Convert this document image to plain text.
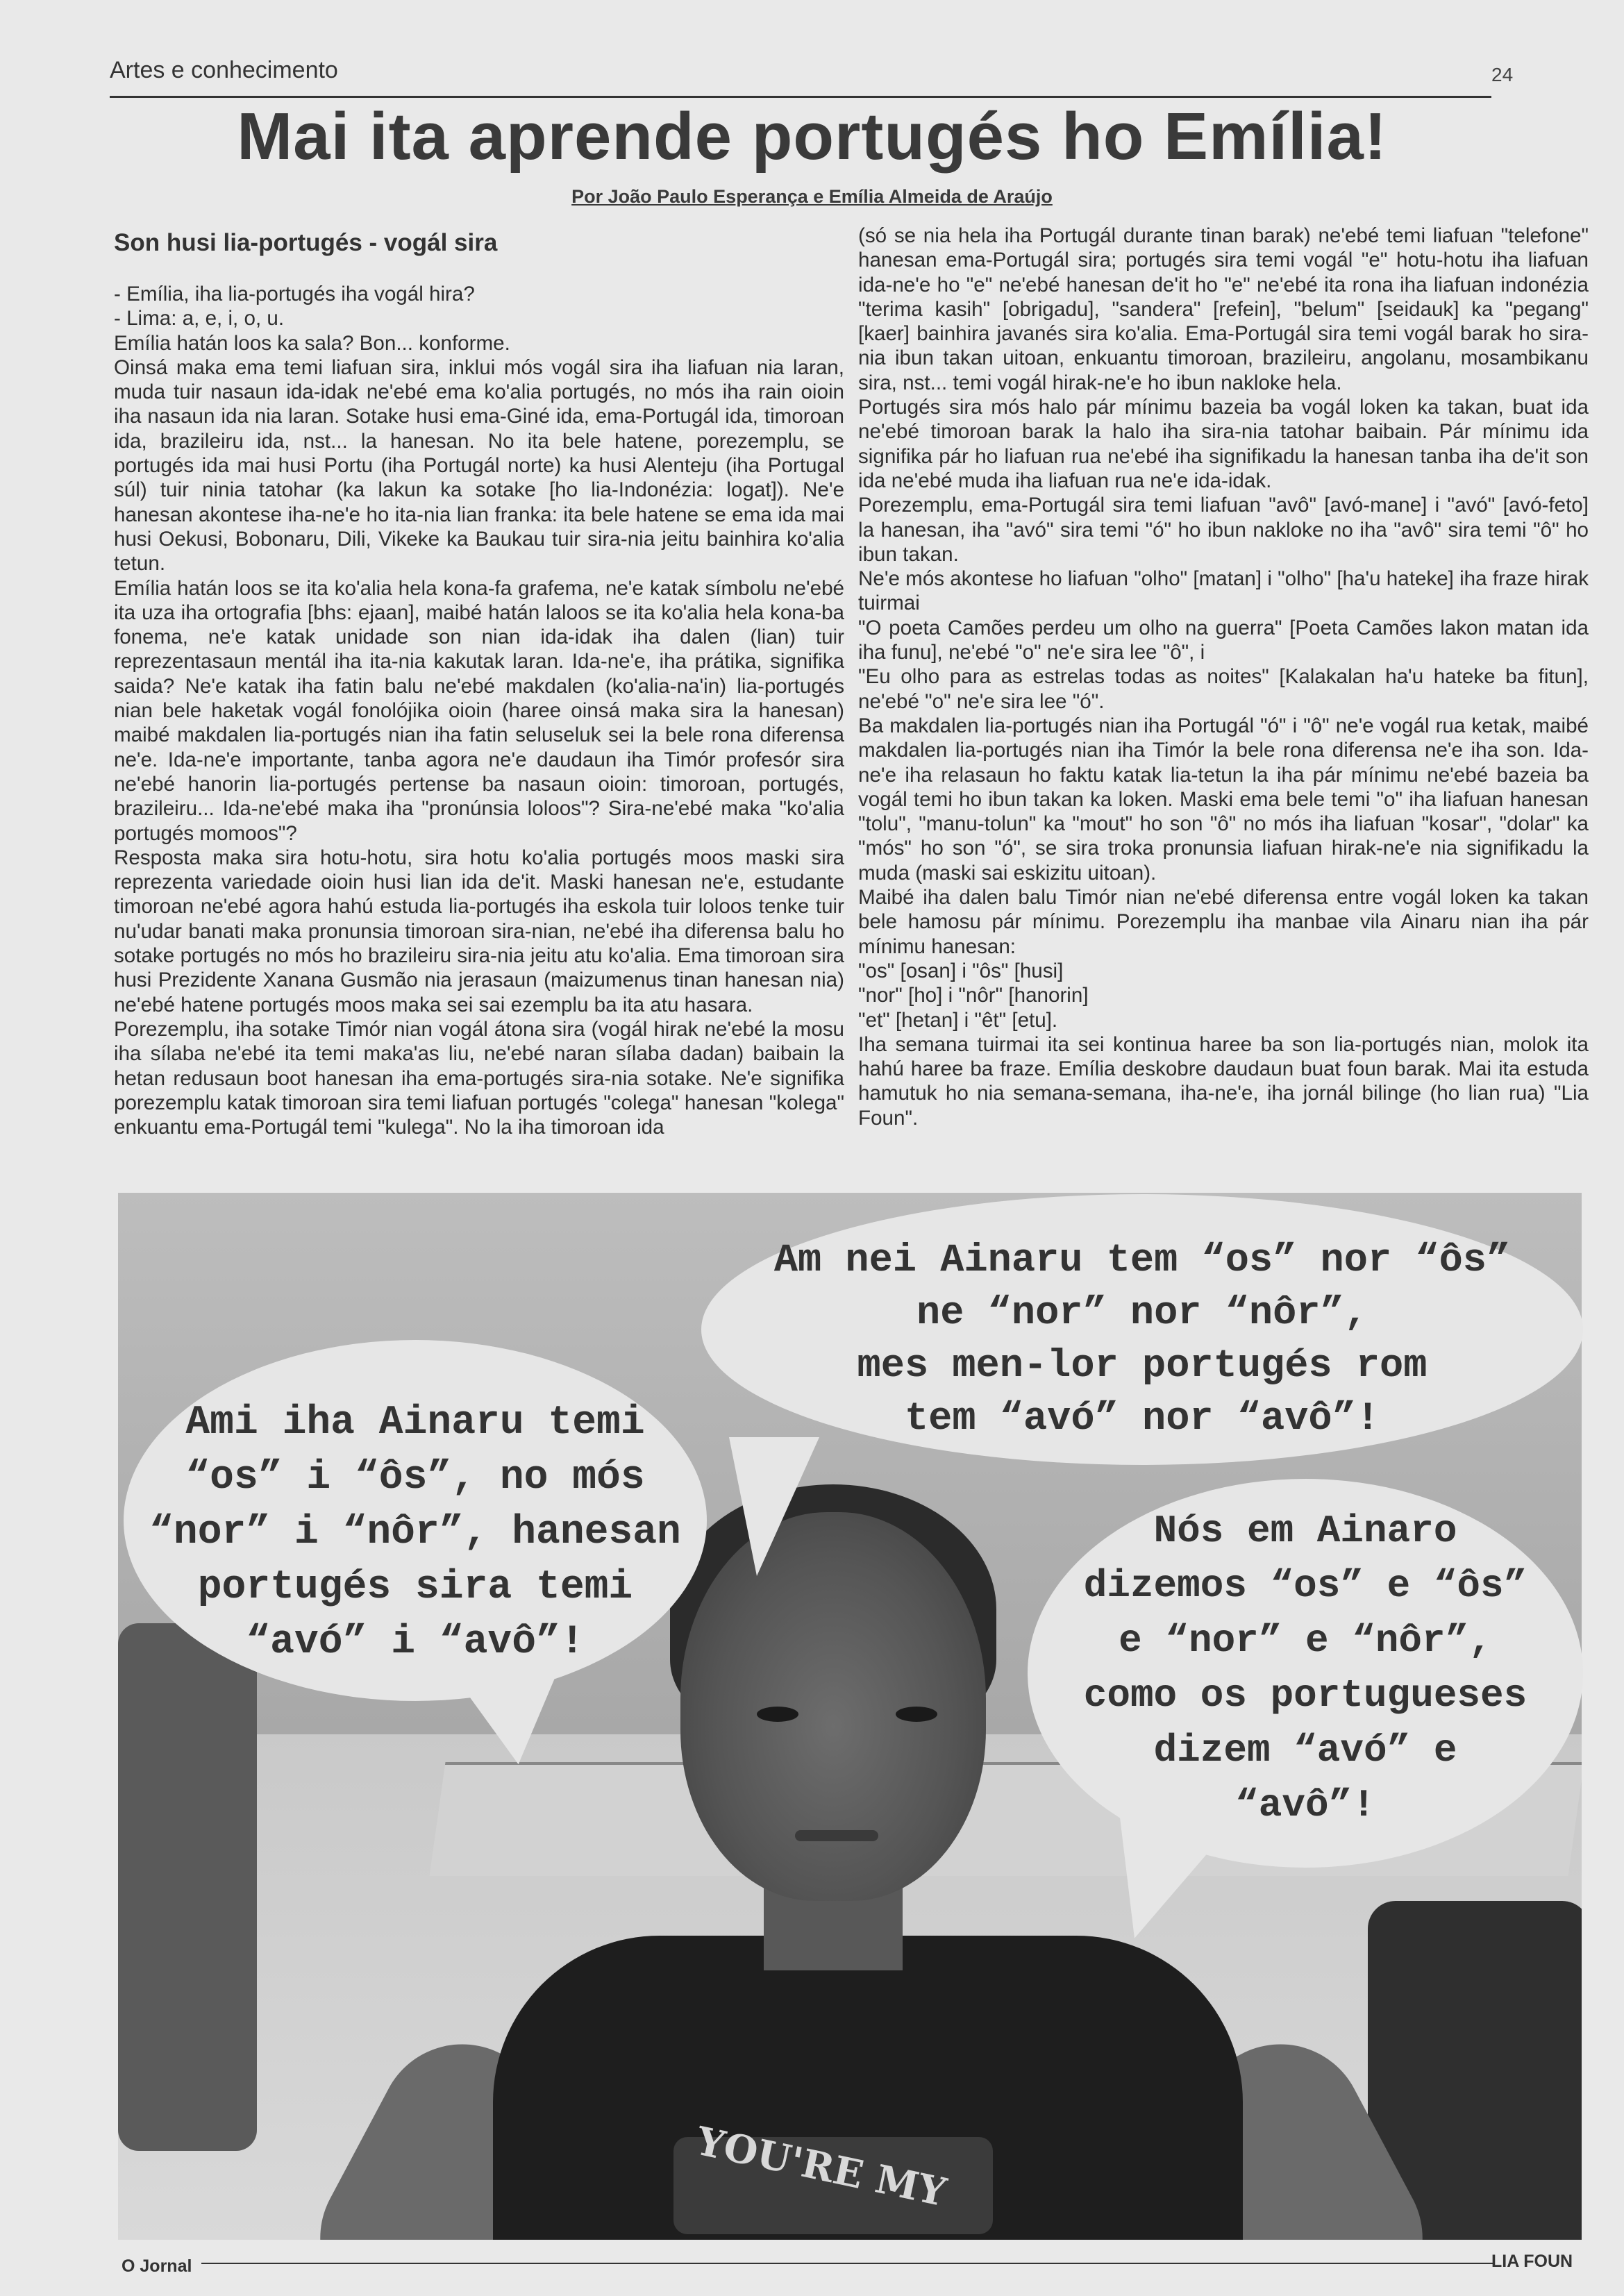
Artes e conhecimento	24
Mai ita aprende portugés ho Emília!
Por João Paulo Esperança e Emília Almeida de Araújo
Son husi lia-portugés - vogál sira

- Emília, iha lia-portugés iha vogál hira?

- Lima: a, e, i, o, u.

Emília hatán loos ka sala? Bon... konforme.

Oinsá maka ema temi liafuan sira, inklui mós vogál sira iha liafuan nia laran, muda tuir nasaun ida-idak ne'ebé ema ko'alia portugés, no mós iha rain oioin iha nasaun ida nia laran. Sotake husi ema-Giné ida, ema-Portugál ida, timoroan ida, brazileiru ida, nst... la hanesan. No ita bele hatene, porezemplu, se portugés ida mai husi Portu (iha Portugál norte) ka husi Alenteju (iha Portugal súl) tuir ninia tatohar (ka lakun ka sotake [ho lia-Indonézia: logat]). Ne'e hanesan akontese iha-ne'e ho ita-nia lian franka: ita bele hatene se ema ida mai husi Oekusi, Bobonaru, Dili, Vikeke ka Baukau tuir sira-nia jeitu bainhira ko'alia tetun.

Emília hatán loos se ita ko'alia hela kona-fa grafema, ne'e katak símbolu ne'ebé ita uza iha ortografia [bhs: ejaan], maibé hatán laloos se ita ko'alia hela kona-ba fonema, ne'e katak unidade son nian ida-idak iha dalen (lian) tuir reprezentasaun mentál iha ita-nia kakutak laran. Ida-ne'e, iha prátika, signifika saida? Ne'e katak iha fatin balu ne'ebé makdalen (ko'alia-na'in) lia-portugés nian bele haketak vogál fonolójika oioin (haree oinsá maka sira la hanesan) maibé makdalen lia-portugés nian iha fatin seluseluk sei la bele rona diferensa ne'e. Ida-ne'e importante, tanba agora ne'e daudaun iha Timór profesór sira ne'ebé hanorin lia-portugés pertense ba nasaun oioin: timoroan, portugés, brazileiru... Ida-ne'ebé maka iha "pronúnsia loloos"? Sira-ne'ebé maka "ko'alia portugés momoos"?

Resposta maka sira hotu-hotu, sira hotu ko'alia portugés moos maski sira reprezenta variedade oioin husi lian ida de'it. Maski hanesan ne'e, estudante timoroan ne'ebé agora hahú estuda lia-portugés iha eskola tuir loloos tenke tuir nu'udar banati maka pronunsia timoroan sira-nian, ne'ebé iha diferensa balu ho sotake portugés no mós ho brazileiru sira-nia jeitu atu ko'alia. Ema timoroan sira husi Prezidente Xanana Gusmão nia jerasaun (maizumenus tinan hanesan nia) ne'ebé hatene portugés moos maka sei sai ezemplu ba ita atu hasara.

Porezemplu, iha sotake Timór nian vogál átona sira (vogál hirak ne'ebé la mosu iha sílaba ne'ebé ita temi maka'as liu, ne'ebé naran sílaba dadan) baibain la hetan redusaun boot hanesan iha ema-portugés sira-nia sotake. Ne'e signifika porezemplu katak timoroan sira temi liafuan portugés "colega" hanesan "kolega" enkuantu ema-Portugál temi "kulega". No la iha timoroan ida

(só se nia hela iha Portugál durante tinan barak) ne'ebé temi liafuan "telefone" hanesan ema-Portugál sira; portugés sira temi vogál "e" hotu-hotu iha liafuan ida-ne'e ho "e" ne'ebé hanesan de'it ho "e" ne'ebé ita rona iha liafuan indonézia "terima kasih" [obrigadu], "sandera" [refein], "belum" [seidauk] ka "pegang" [kaer] bainhira javanés sira ko'alia. Ema-Portugál sira temi vogál barak ho sira-nia ibun takan uitoan, enkuantu timoroan, brazileiru, angolanu, mosambikanu sira, nst... temi vogál hirak-ne'e ho ibun nakloke hela.

Portugés sira mós halo pár mínimu bazeia ba vogál loken ka takan, buat ida ne'ebé timoroan barak la halo iha sira-nia tatohar baibain. Pár mínimu ida signifika pár ho liafuan rua ne'ebé iha signifikadu la hanesan tanba iha de'it son ida ne'ebé muda iha liafuan rua ne'e ida-idak.

Porezemplu, ema-Portugál sira temi liafuan "avô" [avó-mane] i "avó" [avó-feto] la hanesan, iha "avó" sira temi "ó" ho ibun nakloke no iha "avô" sira temi "ô" ho ibun takan.

Ne'e mós akontese ho liafuan "olho" [matan] i "olho" [ha'u hateke] iha fraze hirak tuirmai

"O poeta Camões perdeu um olho na guerra" [Poeta Camões lakon matan ida iha funu], ne'ebé "o" ne'e sira lee "ô", i

"Eu olho para as estrelas todas as noites" [Kalakalan ha'u hateke ba fitun], ne'ebé "o" ne'e sira lee "ó".

Ba makdalen lia-portugés nian iha Portugál "ó" i "ô" ne'e vogál rua ketak, maibé makdalen lia-portugés nian iha Timór la bele rona diferensa ne'e iha son. Ida-ne'e iha relasaun ho faktu katak lia-tetun la iha pár mínimu ne'ebé bazeia ba vogál temi ho ibun takan ka loken. Maski ema bele temi "o" iha liafuan hanesan "tolu", "manu-tolun" ka "mout" ho son "ô" no mós iha liafuan "kosar", "dolar" ka "mós" ho son "ó", se sira troka pronunsia liafuan hirak-ne'e nia signifikadu la muda (maski sai eskizitu uitoan).

Maibé iha dalen balu Timór nian ne'ebé diferensa entre vogál loken ka takan bele hamosu pár mínimu. Porezemplu iha manbae vila Ainaru nian iha pár mínimu hanesan:

"os" [osan] i "ôs" [husi]

"nor" [ho] i "nôr" [hanorin]

"et" [hetan] i "êt" [etu].

Iha semana tuirmai ita sei kontinua haree ba son lia-portugés nian, molok ita hahú haree ba fraze. Emília deskobre daudaun buat foun barak. Mai ita estuda hamutuk ho nia semana-semana, iha-ne'e, iha jornál bilinge (ho lian rua) "Lia Foun".

YOU'RE MY
Am nei Ainaru tem “os” nor “ôs”
ne “nor” nor “nôr”,
mes men-lor portugés rom
tem “avó” nor “avô”!
Ami iha Ainaru temi
“os” i “ôs”, no mós
“nor” i “nôr”, hanesan
portugés sira temi
“avó” i “avô”!
Nós em Ainaro
dizemos “os” e “ôs”
e “nor” e “nôr”,
como os portugueses
dizem “avó” e
“avô”!
O Jornal	LIA FOUN
